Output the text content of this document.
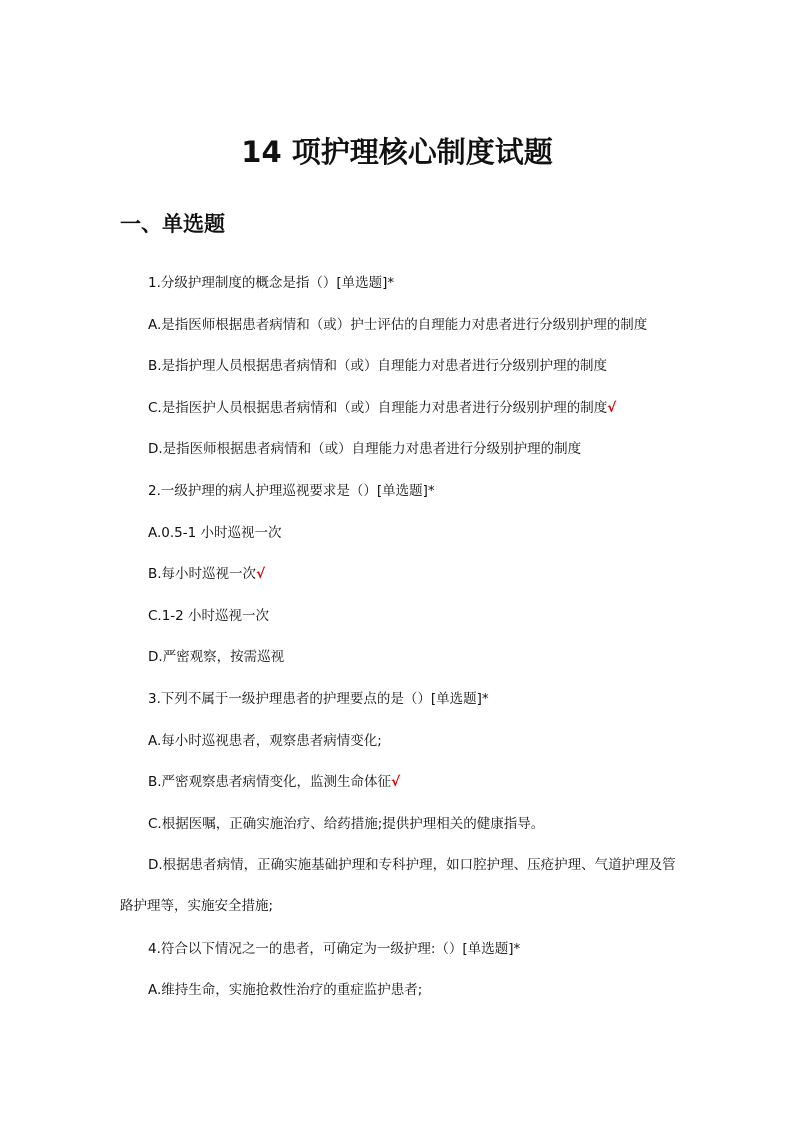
14 项护理核心制度试题
一、单选题

1.分级护理制度的概念是指（）[单选题]*

A.是指医师根据患者病情和（或）护士评估的自理能力对患者进行分级别护理的制度

B.是指护理人员根据患者病情和（或）自理能力对患者进行分级别护理的制度

C.是指医护人员根据患者病情和（或）自理能力对患者进行分级别护理的制度√

D.是指医师根据患者病情和（或）自理能力对患者进行分级别护理的制度

2.一级护理的病人护理巡视要求是（）[单选题]*

A.0.5-1 小时巡视一次

B.每小时巡视一次√

C.1-2 小时巡视一次

D.严密观察，按需巡视

3.下列不属于一级护理患者的护理要点的是（）[单选题]*

A.每小时巡视患者，观察患者病情变化;

B.严密观察患者病情变化，监测生命体征√

C.根据医嘱，正确实施治疗、给药措施;提供护理相关的健康指导。

D.根据患者病情，正确实施基础护理和专科护理，如口腔护理、压疮护理、气道护理及管路护理等，实施安全措施;

4.符合以下情况之一的患者，可确定为一级护理:（）[单选题]*

A.维持生命，实施抢救性治疗的重症监护患者;
